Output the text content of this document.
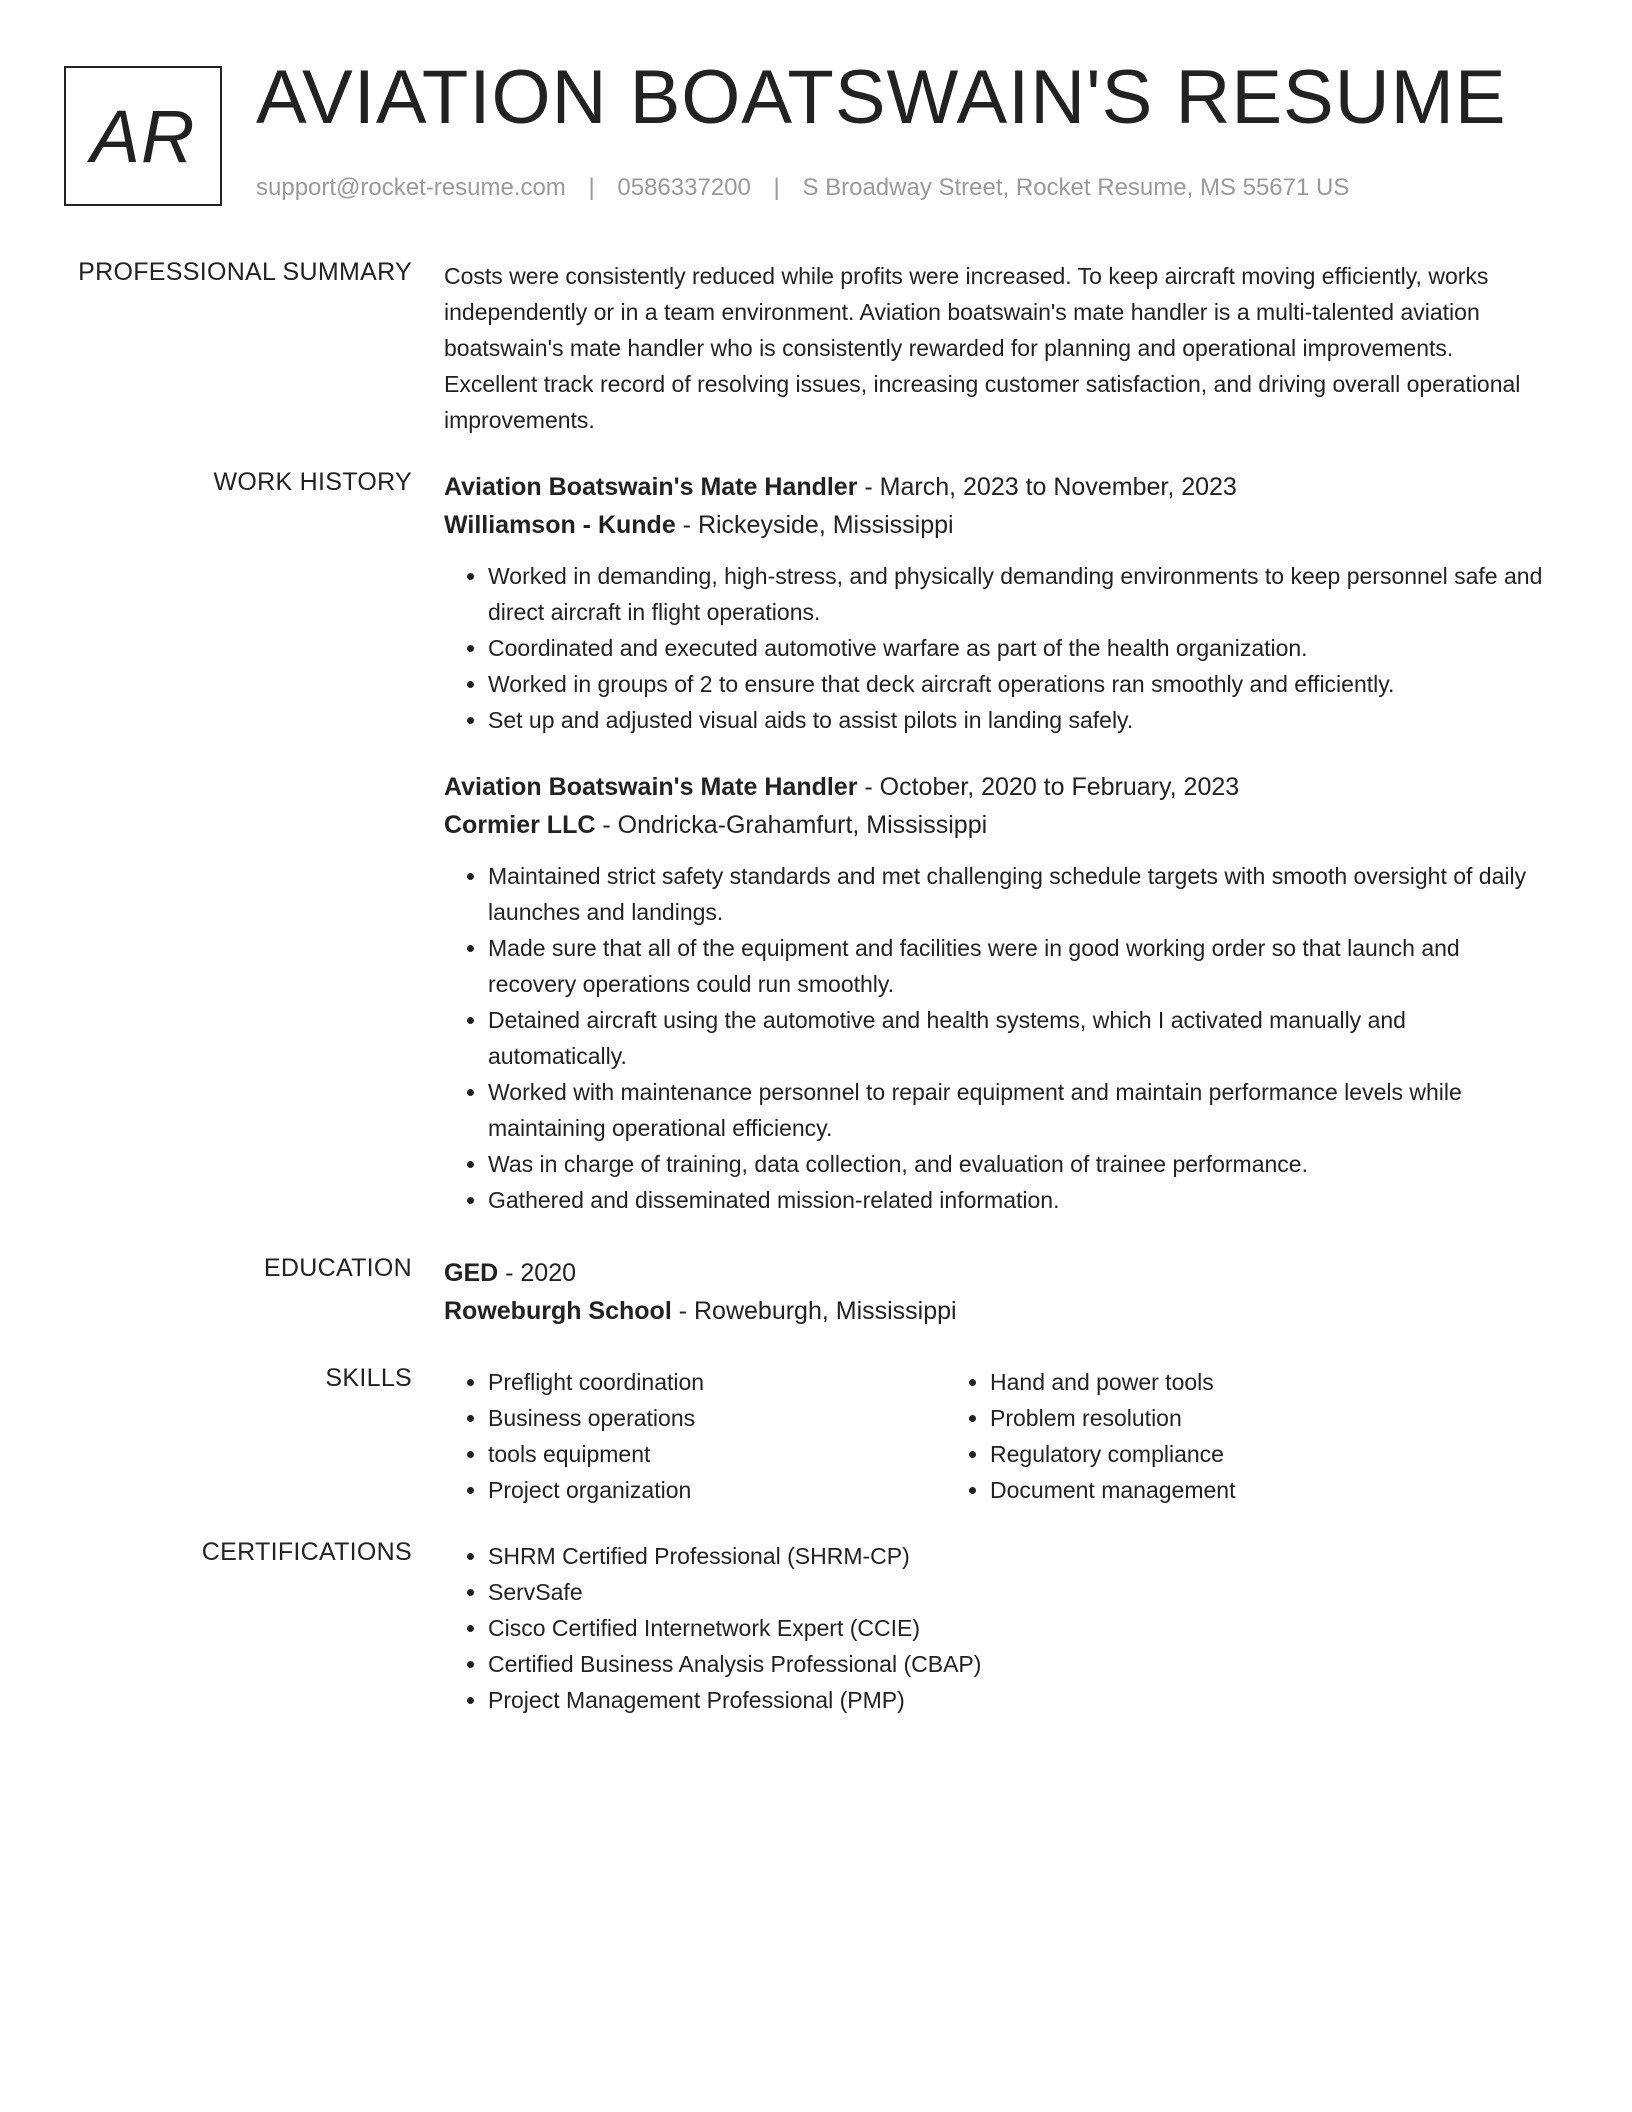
AR AVIATION BOATSWAIN'S RESUME
support@rocket-resume.com | 0586337200 | S Broadway Street, Rocket Resume, MS 55671 US
PROFESSIONAL SUMMARY Costs were consistently reduced while profits were increased. To keep aircraft moving efficiently, works independently or in a team environment. Aviation boatswain's mate handler is a multi-talented aviation boatswain's mate handler who is consistently rewarded for planning and operational improvements. Excellent track record of resolving issues, increasing customer satisfaction, and driving overall operational improvements.

WORK HISTORY Aviation Boatswain's Mate Handler - March, 2023 to November, 2023
Williamson - Kunde - Rickeyside, Mississippi
• Worked in demanding, high-stress, and physically demanding environments to keep personnel safe and direct aircraft in flight operations.
• Coordinated and executed automotive warfare as part of the health organization.
• Worked in groups of 2 to ensure that deck aircraft operations ran smoothly and efficiently.
• Set up and adjusted visual aids to assist pilots in landing safely.
Aviation Boatswain's Mate Handler - October, 2020 to February, 2023
Cormier LLC - Ondricka-Grahamfurt, Mississippi
• Maintained strict safety standards and met challenging schedule targets with smooth oversight of daily launches and landings.
• Made sure that all of the equipment and facilities were in good working order so that launch and recovery operations could run smoothly.
• Detained aircraft using the automotive and health systems, which I activated manually and automatically.
• Worked with maintenance personnel to repair equipment and maintain performance levels while maintaining operational efficiency.
• Was in charge of training, data collection, and evaluation of trainee performance.
• Gathered and disseminated mission-related information.
EDUCATION GED - 2020
Roweburgh School - Roweburgh, Mississippi
SKILLS	• Preflight coordination
• Business operations
• tools equipment
• Project organization
• Hand and power tools
• Problem resolution
• Regulatory compliance
• Document management
CERTIFICATIONS	• SHRM Certified Professional (SHRM-CP)
• ServSafe
• Cisco Certified Internetwork Expert (CCIE)
• Certified Business Analysis Professional (CBAP)
• Project Management Professional (PMP)
